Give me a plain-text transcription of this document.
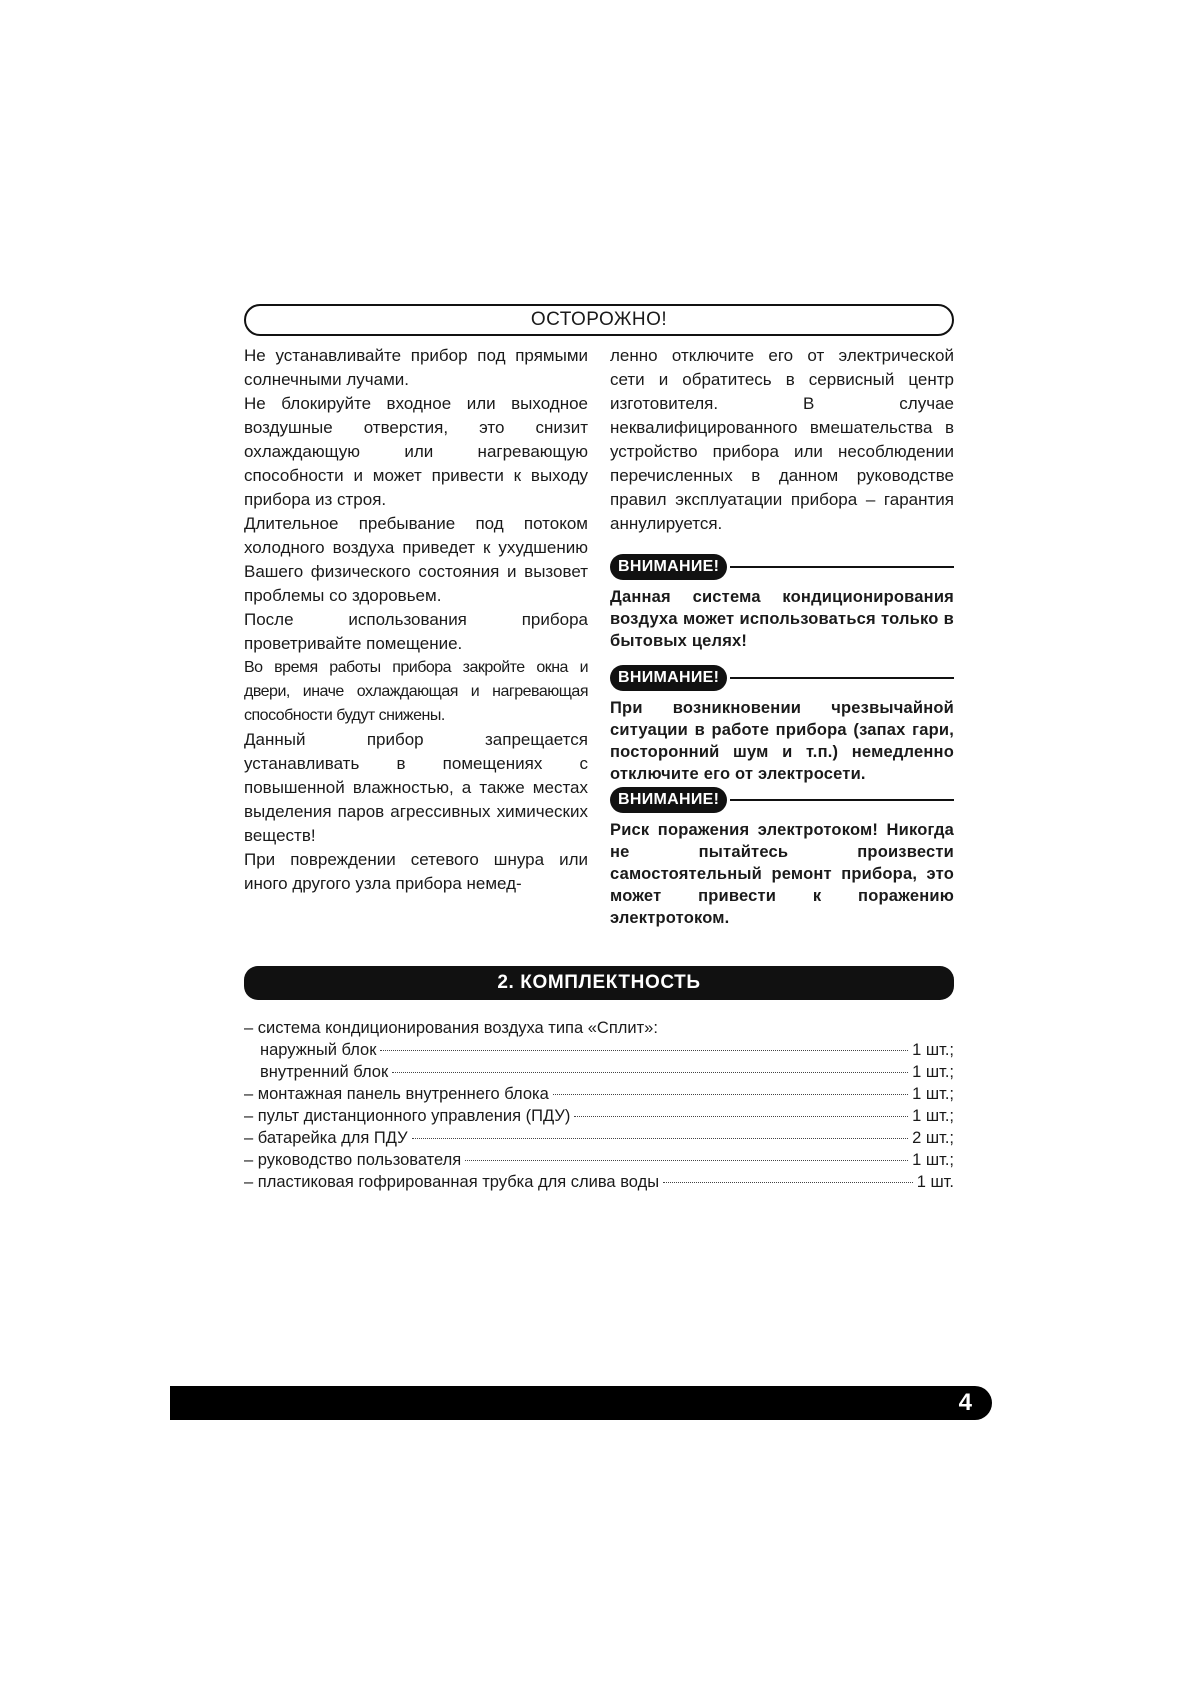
ОСТОРОЖНО!

Не устанавливайте прибор под прямыми солнечными лучами.

Не блокируйте входное или выходное воздушные отверстия, это снизит охлаждающую или нагревающую способности и может привести к выходу прибора из строя.

Длительное пребывание под потоком холодного воздуха приведет к ухудшению Вашего физического состояния и вызовет проблемы со здоровьем.

После использования прибора проветривайте помещение.

Во время работы прибора закройте окна и двери, иначе охлаждающая и нагревающая способности будут снижены.

Данный прибор запрещается устанавливать в помещениях с повышенной влажностью, а также местах выделения паров агрессивных химических веществ!

При повреждении сетевого шнура или иного другого узла прибора немед-

ленно отключите его от электрической сети и обратитесь в сервисный центр изготовителя. В случае неквалифицированного вмешательства в устройство прибора или несоблюдении перечисленных в данном руководстве правил эксплуатации прибора – гарантия аннулируется.

ВНИМАНИЕ!

Данная система кондиционирования воздуха может использоваться только в бытовых целях!

ВНИМАНИЕ!

При возникновении чрезвычайной ситуации в работе прибора (запах гари, посторонний шум и т.п.) немедленно отключите его от электросети.

ВНИМАНИЕ!

Риск поражения электротоком! Никогда не пытайтесь произвести самостоятельный ремонт прибора, это может привести к поражению электротоком.

2. КОМПЛЕКТНОСТЬ
– система кондиционирования воздуха типа «Сплит»:
наружный блок	1 шт.;
внутренний блок	1 шт.;
– монтажная панель внутреннего блока	1 шт.;
– пульт дистанционного управления (ПДУ)	1 шт.;
– батарейка для ПДУ	2 шт.;
– руководство пользователя	1 шт.;
– пластиковая гофрированная трубка для слива воды	1 шт.
4
